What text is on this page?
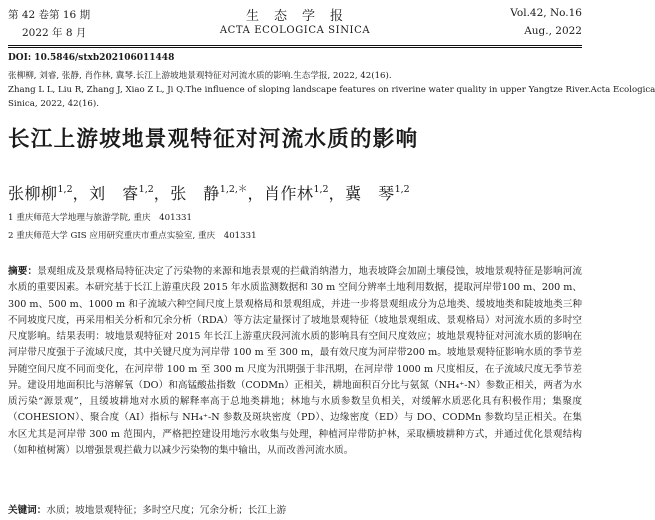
第 42 卷第 16 期
2022 年 8 月
生　态　学　报
ACTA ECOLOGICA SINICA
Vol.42, No.16
Aug., 2022
DOI: 10.5846/stxb202106011448
张柳柳, 刘睿, 张静, 肖作林, 冀琴.长江上游坡地景观特征对河流水质的影响.生态学报, 2022, 42(16).
Zhang L L, Liu R, Zhang J, Xiao Z L, Ji Q.The influence of sloping landscape features on riverine water quality in upper Yangtze River.Acta Ecologica
Sinica, 2022, 42(16).
长江上游坡地景观特征对河流水质的影响
张柳柳$^{1,2}$，刘　睿$^{1,2}$，张　静$^{1,2,*}$，肖作林$^{1,2}$，冀　琴$^{1,2}$
1 重庆师范大学地理与旅游学院, 重庆　401331
2 重庆师范大学 GIS 应用研究重庆市重点实验室, 重庆　401331
摘要：景观组成及景观格局特征决定了污染物的来源和地表景观的拦截消纳潜力，地表坡降会加剧土壤侵蚀，坡地景观特征是影响河流水质的重要因素。本研究基于长江上游重庆段 2015 年水质监测数据和 30 m 空间分辨率土地利用数据，提取河岸带100 m、200 m、300 m、500 m、1000 m 和子流域六种空间尺度上景观格局和景观组成，并进一步将景观组成分为总地类、缓坡地类和陡坡地类三种不同坡度尺度，再采用相关分析和冗余分析（RDA）等方法定量探讨了坡地景观特征（坡地景观组成、景观格局）对河流水质的多时空尺度影响。结果表明：坡地景观特征对 2015 年长江上游重庆段河流水质的影响具有空间尺度效应；坡地景观特征对河流水质的影响在河岸带尺度强于子流域尺度，其中关键尺度为河岸带 100 m 至 300 m，最有效尺度为河岸带200 m。坡地景观特征影响水质的季节差异随空间尺度不同而变化，在河岸带 100 m 至 300 m 尺度为汛期强于非汛期，在河岸带 1000 m 尺度相反，在子流域尺度无季节差异。建设用地面积比与溶解氧（DO）和高锰酸盐指数（CODMn）正相关，耕地面积百分比与氨氮（NH₄⁺-N）参数正相关，两者为水质污染“源景观”，且缓坡耕地对水质的解释率高于总地类耕地；林地与水质参数呈负相关，对缓解水质恶化具有积极作用；集聚度（COHESION）、聚合度（AI）指标与 NH₄⁺-N 参数及斑块密度（PD）、边缘密度（ED）与 DO、CODMn 参数均呈正相关。在集水区尤其是河岸带 300 m 范围内，严格把控建设用地污水收集与处理，种植河岸带防护林，采取横坡耕种方式，并通过优化景观结构（如种植树篱）以增强景观拦截力以减少污染物的集中输出，从而改善河流水质。
关键词：水质；坡地景观特征；多时空尺度；冗余分析；长江上游
